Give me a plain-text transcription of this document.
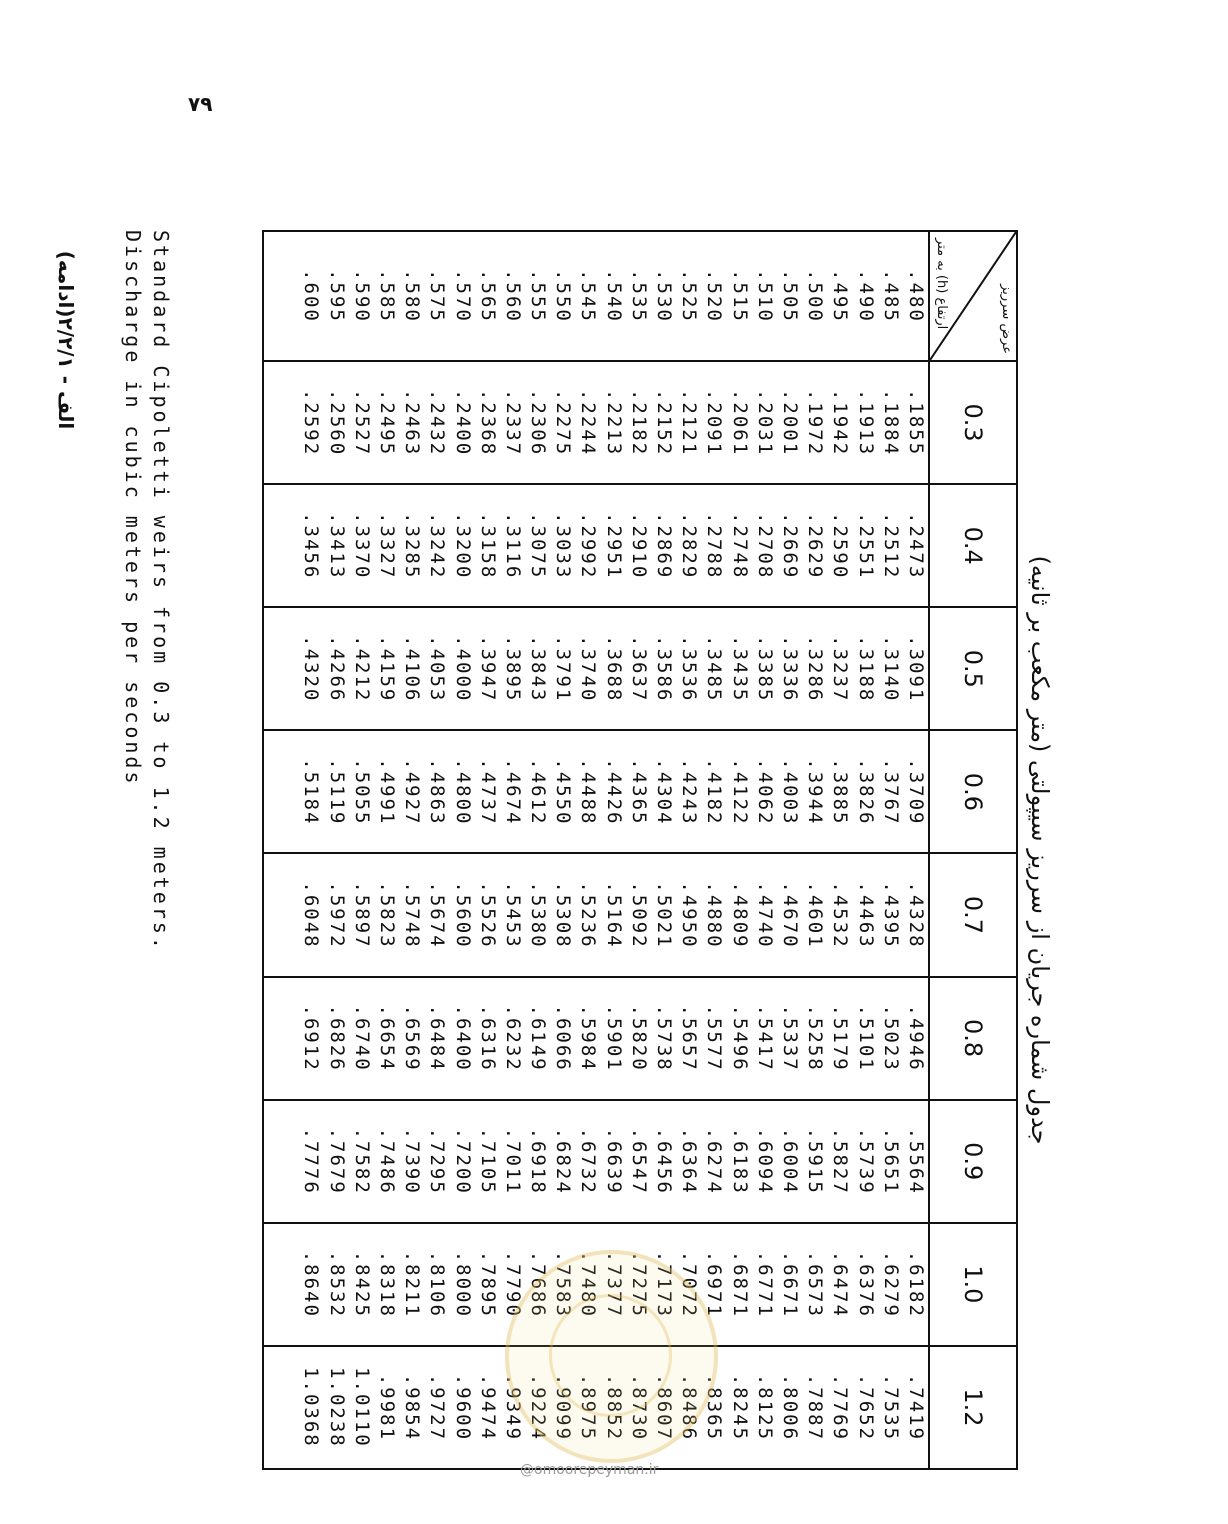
۷۹
الف - ۲/۲/۱(ادامه)
جدول شماره جریان از سرریز سیپولتی (متر مکعب بر ثانیه)
عرض سرریز
ارتفاع (h) به متر	0.3	0.4	0.5	0.6	0.7	0.8	0.9	1.0	1.2
.480	.1855	.2473	.3091	.3709	.4328	.4946	.5564	.6182	.7419
.485	.1884	.2512	.3140	.3767	.4395	.5023	.5651	.6279	.7535
.490	.1913	.2551	.3188	.3826	.4463	.5101	.5739	.6376	.7652
.495	.1942	.2590	.3237	.3885	.4532	.5179	.5827	.6474	.7769
.500	.1972	.2629	.3286	.3944	.4601	.5258	.5915	.6573	.7887
.505	.2001	.2669	.3336	.4003	.4670	.5337	.6004	.6671	.8006
.510	.2031	.2708	.3385	.4062	.4740	.5417	.6094	.6771	.8125
.515	.2061	.2748	.3435	.4122	.4809	.5496	.6183	.6871	.8245
.520	.2091	.2788	.3485	.4182	.4880	.5577	.6274	.6971	.8365
.525	.2121	.2829	.3536	.4243	.4950	.5657	.6364	.7072	.8486
.530	.2152	.2869	.3586	.4304	.5021	.5738	.6456	.7173	.8607
.535	.2182	.2910	.3637	.4365	.5092	.5820	.6547	.7275	.8730
.540	.2213	.2951	.3688	.4426	.5164	.5901	.6639	.7377	.8852
.545	.2244	.2992	.3740	.4488	.5236	.5984	.6732	.7480	.8975
.550	.2275	.3033	.3791	.4550	.5308	.6066	.6824	.7583	.9099
.555	.2306	.3075	.3843	.4612	.5380	.6149	.6918	.7686	.9224
.560	.2337	.3116	.3895	.4674	.5453	.6232	.7011	.7790	.9349
.565	.2368	.3158	.3947	.4737	.5526	.6316	.7105	.7895	.9474
.570	.2400	.3200	.4000	.4800	.5600	.6400	.7200	.8000	.9600
.575	.2432	.3242	.4053	.4863	.5674	.6484	.7295	.8106	.9727
.580	.2463	.3285	.4106	.4927	.5748	.6569	.7390	.8211	.9854
.585	.2495	.3327	.4159	.4991	.5823	.6654	.7486	.8318	.9981
.590	.2527	.3370	.4212	.5055	.5897	.6740	.7582	.8425	1.0110
.595	.2560	.3413	.4266	.5119	.5972	.6826	.7679	.8532	1.0238
.600	.2592	.3456	.4320	.5184	.6048	.6912	.7776	.8640	1.0368

Standard Cipoletti weirs from 0.3 to 1.2 meters.
Discharge in cubic meters per seconds
@omoorepeyman.ir
